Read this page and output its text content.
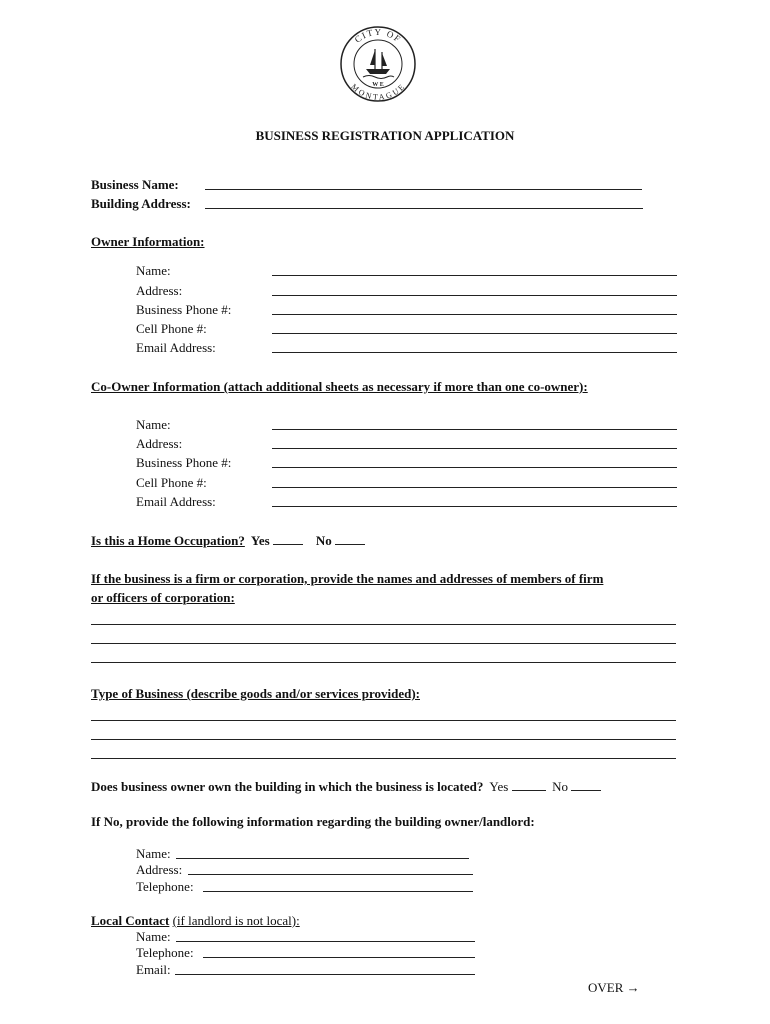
CITY OF
MONTAGUE
W E
BUSINESS REGISTRATION APPLICATION
Business Name:
Building Address:
Owner Information:
Name:
Address:
Business Phone #:
Cell Phone #:
Email Address:
Co-Owner Information (attach additional sheets as necessary if more than one co-owner):
Name:
Address:
Business Phone #:
Cell Phone #:
Email Address:
Is this a Home Occupation? Yes	No
If the business is a firm or corporation, provide the names and addresses of members of firm
or officers of corporation:
Type of Business (describe goods and/or services provided):
Does business owner own the building in which the business is located? Yes	No
If No, provide the following information regarding the building owner/landlord:
Name:
Address:
Telephone:
Local Contact (if landlord is not local):
Name:
Telephone:
Email:
OVER →
